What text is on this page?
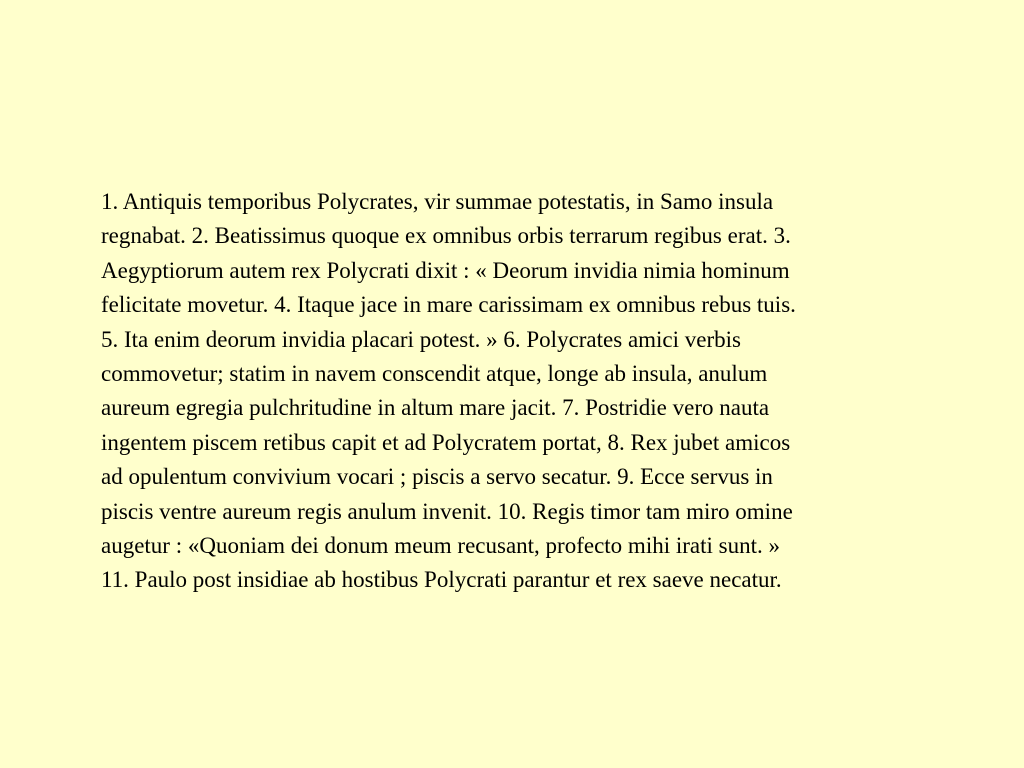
1. Antiquis temporibus Polycrates, vir summae potestatis, in Samo insula
regnabat. 2. Beatissimus quoque ex omnibus orbis terrarum regibus erat. 3.
Aegyptiorum autem rex Polycrati dixit : « Deorum invidia nimia hominum
felicitate movetur. 4. Itaque jace in mare carissimam ex omnibus rebus tuis.
5. Ita enim deorum invidia placari potest. » 6. Polycrates amici verbis
commovetur; statim in navem conscendit atque, longe ab insula, anulum
aureum egregia pulchritudine in altum mare jacit. 7. Postridie vero nauta
ingentem piscem retibus capit et ad Polycratem portat, 8. Rex jubet amicos
ad opulentum convivium vocari ; piscis a servo secatur. 9. Ecce servus in
piscis ventre aureum regis anulum invenit. 10. Regis timor tam miro omine
augetur : «Quoniam dei donum meum recusant, profecto mihi irati sunt. »
11. Paulo post insidiae ab hostibus Polycrati parantur et rex saeve necatur.
